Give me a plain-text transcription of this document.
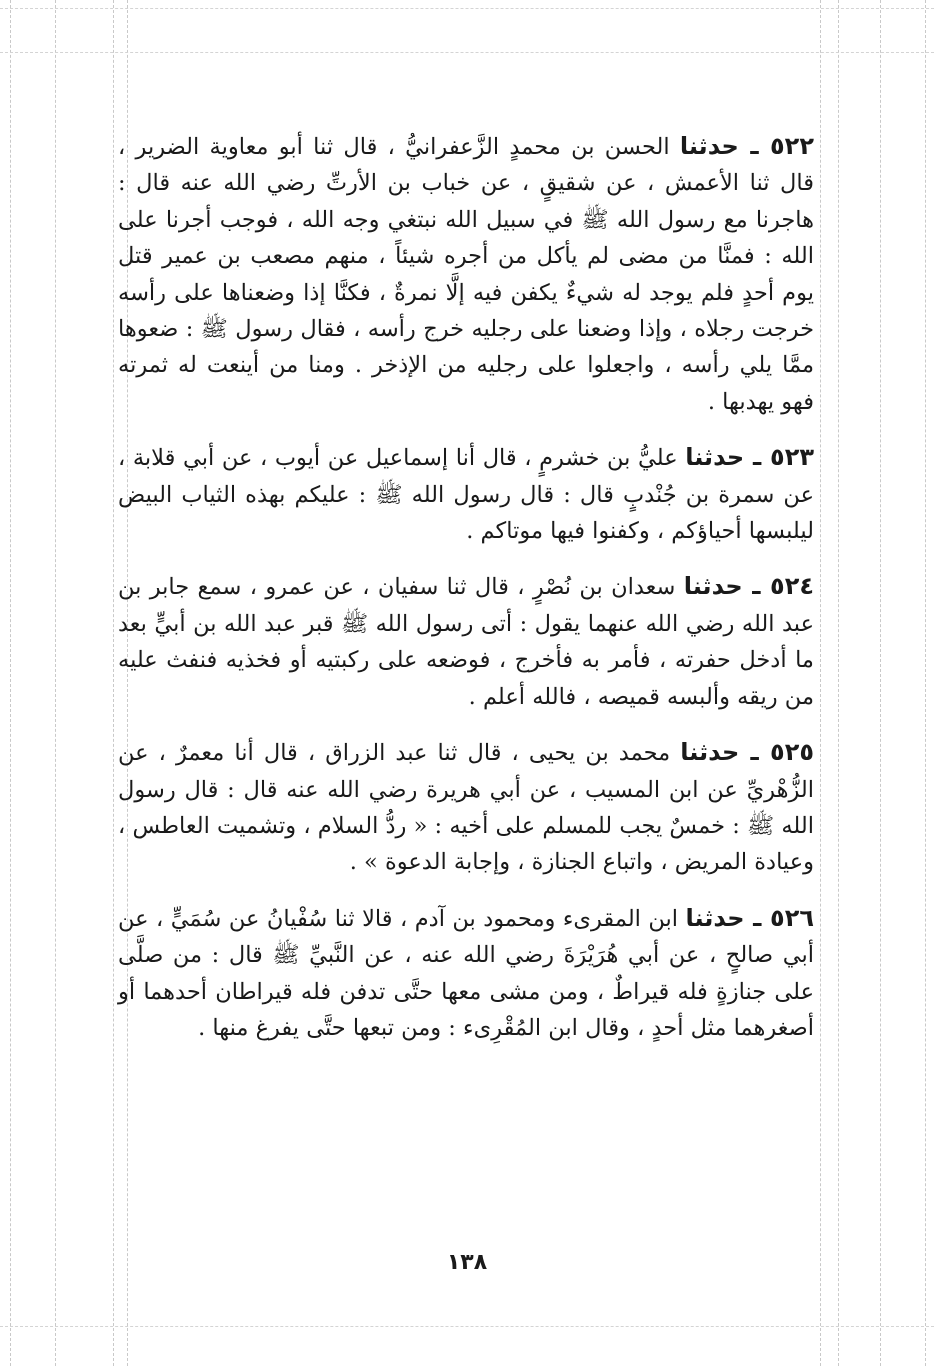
٥٢٢ ـ حدثنا الحسن بن محمدٍ الزَّعفرانيُّ ، قال ثنا أبو معاوية الضرير ، قال ثنا الأعمش ، عن شقيقٍ ، عن خباب بن الأرتِّ رضي الله عنه قال : هاجرنا مع رسول الله ﷺ في سبيل الله نبتغي وجه الله ، فوجب أجرنا على الله : فمنَّا من مضى لم يأكل من أجره شيئاً ، منهم مصعب بن عمير قتل يوم أحدٍ فلم يوجد له شيءٌ يكفن فيه إلَّا نمرةٌ ، فكنَّا إذا وضعناها على رأسه خرجت رجلاه ، وإذا وضعنا على رجليه خرج رأسه ، فقال رسول ﷺ : ضعوها ممَّا يلي رأسه ، واجعلوا على رجليه من الإذخر . ومنا من أينعت له ثمرته فهو يهدبها .

٥٢٣ ـ حدثنا عليُّ بن خشرمٍ ، قال أنا إسماعيل عن أيوب ، عن أبي قلابة ، عن سمرة بن جُنْدبٍ قال : قال رسول الله ﷺ : عليكم بهذه الثياب البيض ليلبسها أحياؤكم ، وكفنوا فيها موتاكم .

٥٢٤ ـ حدثنا سعدان بن نُصْرٍ ، قال ثنا سفيان ، عن عمرو ، سمع جابر بن عبد الله رضي الله عنهما يقول : أتى رسول الله ﷺ قبر عبد الله بن أبيٍّ بعد ما أدخل حفرته ، فأمر به فأخرج ، فوضعه على ركبتيه أو فخذيه فنفث عليه من ريقه وألبسه قميصه ، فالله أعلم .

٥٢٥ ـ حدثنا محمد بن يحيى ، قال ثنا عبد الزراق ، قال أنا معمرٌ ، عن الزُّهْريِّ عن ابن المسيب ، عن أبي هريرة رضي الله عنه قال : قال رسول الله ﷺ : خمسٌ يجب للمسلم على أخيه : « ردُّ السلام ، وتشميت العاطس ، وعيادة المريض ، واتباع الجنازة ، وإجابة الدعوة » .

٥٢٦ ـ حدثنا ابن المقرىء ومحمود بن آدم ، قالا ثنا سُفْيانُ عن سُمَيٍّ ، عن أبي صالحٍ ، عن أبي هُرَيْرَةَ رضي الله عنه ، عن النَّبيِّ ﷺ قال : من صلَّى على جنازةٍ فله قيراطٌ ، ومن مشى معها حتَّى تدفن فله قيراطان أحدهما أو أصغرهما مثل أحدٍ ، وقال ابن المُقْرِىء : ومن تبعها حتَّى يفرغ منها .

١٣٨
